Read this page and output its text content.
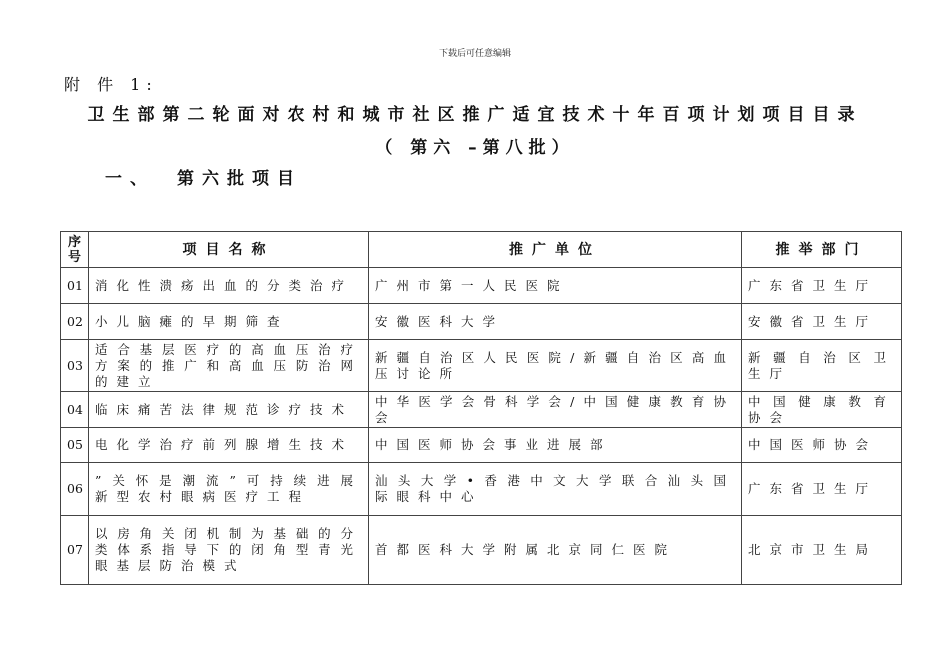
下载后可任意编辑
附 件 1:
卫生部第二轮面对农村和城市社区推广适宜技术十年百项计划项目目录
（ 第六 –第八批）
一、 第六批项目
序号	项目名称	推广单位	推举部门
01	消化性溃疡出血的分类治疗	广州市第一人民医院	广东省卫生厅
02	小儿脑瘫的早期筛查	安徽医科大学	安徽省卫生厅
03	适合基层医疗的高血压治疗方案的推广和高血压防治网的建立	新疆自治区人民医院/新疆自治区高血压讨论所	新疆自治区卫生厅
04	临床痛苦法律规范诊疗技术	中华医学会骨科学会/中国健康教育协会	中国健康教育协会
05	电化学治疗前列腺增生技术	中国医师协会事业进展部	中国医师协会
06	”关怀是潮流”可持续进展新型农村眼病医疗工程	汕头大学•香港中文大学联合汕头国际眼科中心	广东省卫生厅
07	以房角关闭机制为基础的分类体系指导下的闭角型青光眼基层防治模式	首都医科大学附属北京同仁医院	北京市卫生局
